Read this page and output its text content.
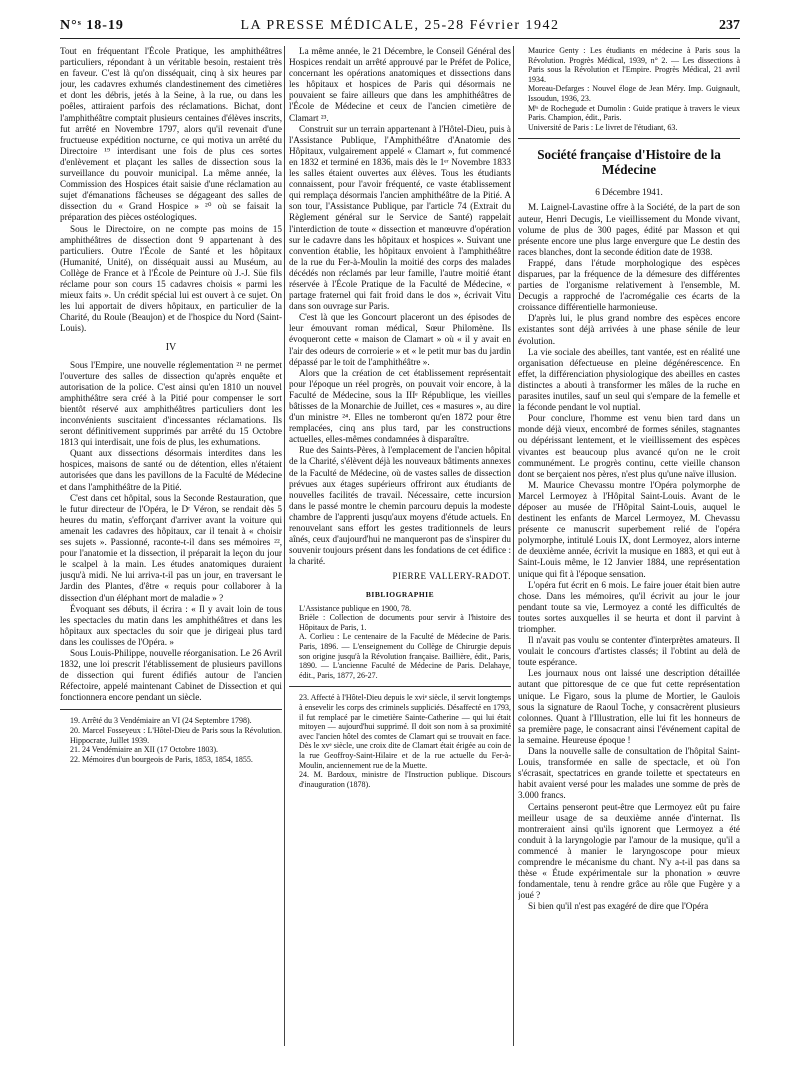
N°ˢ 18-19	LA PRESSE MÉDICALE, 25-28 Février 1942	237

Tout en fréquentant l'École Pratique, les amphithéâtres particuliers, répondant à un véritable besoin, restaient très en faveur. C'est là qu'on disséquait, cinq à six heures par jour, les cadavres exhumés clandestinement des cimetières et dont les débris, jetés à la Seine, à la rue, ou dans les poêles, attiraient parfois des réclamations. Bichat, dont l'amphithéâtre comptait plusieurs centaines d'élèves inscrits, fut arrêté en Novembre 1797, alors qu'il revenait d'une fructueuse expédition nocturne, ce qui motiva un arrêté du Directoire ¹⁹ interdisant une fois de plus ces sortes d'enlèvement et plaçant les salles de dissection sous la surveillance du pouvoir municipal. La même année, la Commission des Hospices était saisie d'une réclamation au sujet d'émanations fâcheuses se dégageant des salles de dissection du « Grand Hospice » ²⁰ où se faisait la préparation des pièces ostéologiques.

Sous le Directoire, on ne compte pas moins de 15 amphithéâtres de dissection dont 9 appartenant à des particuliers. Outre l'École de Santé et les hôpitaux (Humanité, Unité), on disséquait aussi au Muséum, au Collège de France et à l'École de Peinture où J.-J. Süe fils réclame pour son cours 15 cadavres choisis « parmi les mieux faits ». Un crédit spécial lui est ouvert à ce sujet. On les lui apportait de divers hôpitaux, en particulier de la Charité, du Roule (Beaujon) et de l'hospice du Nord (Saint-Louis).

IV

Sous l'Empire, une nouvelle réglementation ²¹ ne permet l'ouverture des salles de dissection qu'après enquête et autorisation de la police. C'est ainsi qu'en 1810 un nouvel amphithéâtre sera créé à la Pitié pour compenser le sort bientôt réservé aux amphithéâtres particuliers dont les inconvénients suscitaient d'incessantes réclamations. Ils seront définitivement supprimés par arrêté du 15 Octobre 1813 qui interdisait, une fois de plus, les exhumations.

Quant aux dissections désormais interdites dans les hospices, maisons de santé ou de détention, elles n'étaient autorisées que dans les pavillons de la Faculté de Médecine et dans l'amphithéâtre de la Pitié.

C'est dans cet hôpital, sous la Seconde Restauration, que le futur directeur de l'Opéra, le Dʳ Véron, se rendait dès 5 heures du matin, s'efforçant d'arriver avant la voiture qui amenait les cadavres des hôpitaux, car il tenait à « choisir ses sujets ». Passionné, raconte-t-il dans ses mémoires ²², pour l'anatomie et la dissection, il préparait la leçon du jour le scalpel à la main. Les études anatomiques duraient jusqu'à midi. Ne lui arriva-t-il pas un jour, en traversant le Jardin des Plantes, d'être « requis pour collaborer à la dissection d'un éléphant mort de maladie » ?

Évoquant ses débuts, il écrira : « Il y avait loin de tous les spectacles du matin dans les amphithéâtres et dans les hôpitaux aux spectacles du soir que je dirigeai plus tard dans les coulisses de l'Opéra. »

Sous Louis-Philippe, nouvelle réorganisation. Le 26 Avril 1832, une loi prescrit l'établissement de plusieurs pavillons de dissection qui furent édifiés autour de l'ancien Réfectoire, appelé maintenant Cabinet de Dissection et qui fonctionnera encore pendant un siècle.

19. Arrêté du 3 Vendémiaire an VI (24 Septembre 1798).

20. Marcel Fosseyeux : L'Hôtel-Dieu de Paris sous la Révolution. Hippocrate, Juillet 1939.

21. 24 Vendémiaire an XII (17 Octobre 1803).

22. Mémoires d'un bourgeois de Paris, 1853, 1854, 1855.

La même année, le 21 Décembre, le Conseil Général des Hospices rendait un arrêté approuvé par le Préfet de Police, concernant les opérations anatomiques et dissections dans les hôpitaux et hospices de Paris qui désormais ne pouvaient se faire ailleurs que dans les amphithéâtres de l'École de Médecine et ceux de l'ancien cimetière de Clamart ²³.

Construit sur un terrain appartenant à l'Hôtel-Dieu, puis à l'Assistance Publique, l'Amphithéâtre d'Anatomie des Hôpitaux, vulgairement appelé « Clamart », fut commencé en 1832 et terminé en 1836, mais dès le 1ᵉʳ Novembre 1833 les salles étaient ouvertes aux élèves. Tous les étudiants connaissent, pour l'avoir fréquenté, ce vaste établissement qui remplaça désormais l'ancien amphithéâtre de la Pitié. A son tour, l'Assistance Publique, par l'article 74 (Extrait du Règlement général sur le Service de Santé) rappelait l'interdiction de toute « dissection et manœuvre d'opération sur le cadavre dans les hôpitaux et hospices ». Suivant une convention établie, les hôpitaux envoient à l'amphithéâtre de la rue du Fer-à-Moulin la moitié des corps des malades décédés non réclamés par leur famille, l'autre moitié étant réservée à l'École Pratique de la Faculté de Médecine, « partage fraternel qui fait froid dans le dos », écrivait Vitu dans son ouvrage sur Paris.

C'est là que les Goncourt placeront un des épisodes de leur émouvant roman médical, Sœur Philomène. Ils évoqueront cette « maison de Clamart » où « il y avait en l'air des odeurs de corroierie » et « le petit mur bas du jardin dépassé par le toit de l'amphithéâtre ».

Alors que la création de cet établissement représentait pour l'époque un réel progrès, on pouvait voir encore, à la Faculté de Médecine, sous la IIIᵉ République, les vieilles bâtisses de la Monarchie de Juillet, ces « masures », au dire d'un ministre ²⁴. Elles ne tomberont qu'en 1872 pour être remplacées, cinq ans plus tard, par les constructions actuelles, elles-mêmes condamnées à disparaître.

Rue des Saints-Pères, à l'emplacement de l'ancien hôpital de la Charité, s'élèvent déjà les nouveaux bâtiments annexes de la Faculté de Médecine, où de vastes salles de dissection prévues aux étages supérieurs offriront aux étudiants de nouvelles facilités de travail. Nécessaire, cette incursion dans le passé montre le chemin parcouru depuis la modeste chambre de l'apprenti jusqu'aux moyens d'étude actuels. En renouvelant sans effort les gestes traditionnels de leurs aînés, ceux d'aujourd'hui ne manqueront pas de s'inspirer du souvenir toujours présent dans les fondations de cet édifice : la charité.

PIERRE VALLERY-RADOT.
BIBLIOGRAPHIE

L'Assistance publique en 1900, 78.

Brièle : Collection de documents pour servir à l'histoire des Hôpitaux de Paris, 1.

A. Corlieu : Le centenaire de la Faculté de Médecine de Paris. Paris, 1896. — L'enseignement du Collège de Chirurgie depuis son origine jusqu'à la Révolution française. Baillière, édit., Paris, 1890. — L'ancienne Faculté de Médecine de Paris. Delahaye, édit., Paris, 1877, 26-27.

23. Affecté à l'Hôtel-Dieu depuis le xviᵉ siècle, il servit longtemps à ensevelir les corps des criminels suppliciés. Désaffecté en 1793, il fut remplacé par le cimetière Sainte-Catherine — qui lui était mitoyen — aujourd'hui supprimé. Il doit son nom à sa proximité avec l'ancien hôtel des comtes de Clamart qui se trouvait en face. Dès le xvᵉ siècle, une croix dite de Clamart était érigée au coin de la rue Geoffroy-Saint-Hilaire et de la rue actuelle du Fer-à-Moulin, anciennement rue de la Muette.

24. M. Bardoux, ministre de l'Instruction publique. Discours d'inauguration (1878).

Maurice Genty : Les étudiants en médecine à Paris sous la Révolution. Progrès Médical, 1939, n° 2. — Les dissections à Paris sous la Révolution et l'Empire. Progrès Médical, 21 avril 1934.

Moreau-Defarges : Nouvel éloge de Jean Méry. Imp. Guignault, Issoudun, 1936, 23.

Mⁱˢ de Rochegude et Dumolin : Guide pratique à travers le vieux Paris. Champion, édit., Paris.

Université de Paris : Le livret de l'étudiant, 63.

Société française d'Histoire de la Médecine
6 Décembre 1941.

M. Laignel-Lavastine offre à la Société, de la part de son auteur, Henri Decugis, Le vieillissement du Monde vivant, volume de plus de 300 pages, édité par Masson et qui présente encore une plus large envergure que Le destin des races blanches, dont la seconde édition date de 1938.

Frappé, dans l'étude morphologique des espèces disparues, par la fréquence de la démesure des différentes parties de l'organisme relativement à l'ensemble, M. Decugis a rapproché de l'acromégalie ces écarts de la croissance différentielle harmonieuse.

D'après lui, le plus grand nombre des espèces encore existantes sont déjà arrivées à une phase sénile de leur évolution.

La vie sociale des abeilles, tant vantée, est en réalité une organisation défectueuse en pleine dégénérescence. En effet, la différenciation physiologique des abeilles en castes distinctes a abouti à transformer les mâles de la ruche en parasites inutiles, sauf un seul qui s'empare de la femelle et la féconde pendant le vol nuptial.

Pour conclure, l'homme est venu bien tard dans un monde déjà vieux, encombré de formes séniles, stagnantes ou dépérissant lentement, et le vieillissement des espèces vivantes est beaucoup plus avancé qu'on ne le croit communément. Le progrès continu, cette vieille chanson dont se berçaient nos pères, n'est plus qu'une naïve illusion.

M. Maurice Chevassu montre l'Opéra polymorphe de Marcel Lermoyez à l'Hôpital Saint-Louis. Avant de le déposer au musée de l'Hôpital Saint-Louis, auquel le destinent les enfants de Marcel Lermoyez, M. Chevassu présente ce manuscrit superbement relié de l'opéra polymorphe, intitulé Louis IX, dont Lermoyez, alors interne de deuxième année, écrivit la musique en 1883, et qui eut à Saint-Louis même, le 12 Janvier 1884, une représentation unique qui fit à l'époque sensation.

L'opéra fut écrit en 6 mois. Le faire jouer était bien autre chose. Dans les mémoires, qu'il écrivit au jour le jour pendant toute sa vie, Lermoyez a conté les difficultés de toutes sortes auxquelles il se heurta et dont il parvint à triompher.

Il n'avait pas voulu se contenter d'interprètes amateurs. Il voulait le concours d'artistes classés; il l'obtint au delà de toute espérance.

Les journaux nous ont laissé une description détaillée autant que pittoresque de ce que fut cette représentation unique. Le Figaro, sous la plume de Mortier, le Gaulois sous la signature de Raoul Toche, y consacrèrent plusieurs colonnes. Quant à l'Illustration, elle lui fit les honneurs de sa première page, le consacrant ainsi l'événement capital de la semaine. Heureuse époque !

Dans la nouvelle salle de consultation de l'hôpital Saint-Louis, transformée en salle de spectacle, et où l'on s'écrasait, spectatrices en grande toilette et spectateurs en habit avaient versé pour les malades une somme de près de 3.000 francs.

Certains penseront peut-être que Lermoyez eût pu faire meilleur usage de sa deuxième année d'internat. Ils montreraient ainsi qu'ils ignorent que Lermoyez a été conduit à la laryngologie par l'amour de la musique, qu'il a commencé à manier le laryngoscope pour mieux comprendre le mécanisme du chant. N'y a-t-il pas dans sa thèse « Étude expérimentale sur la phonation » œuvre fondamentale, tenu à rendre grâce au rôle que Fugère y a joué ?

Si bien qu'il n'est pas exagéré de dire que l'Opéra
